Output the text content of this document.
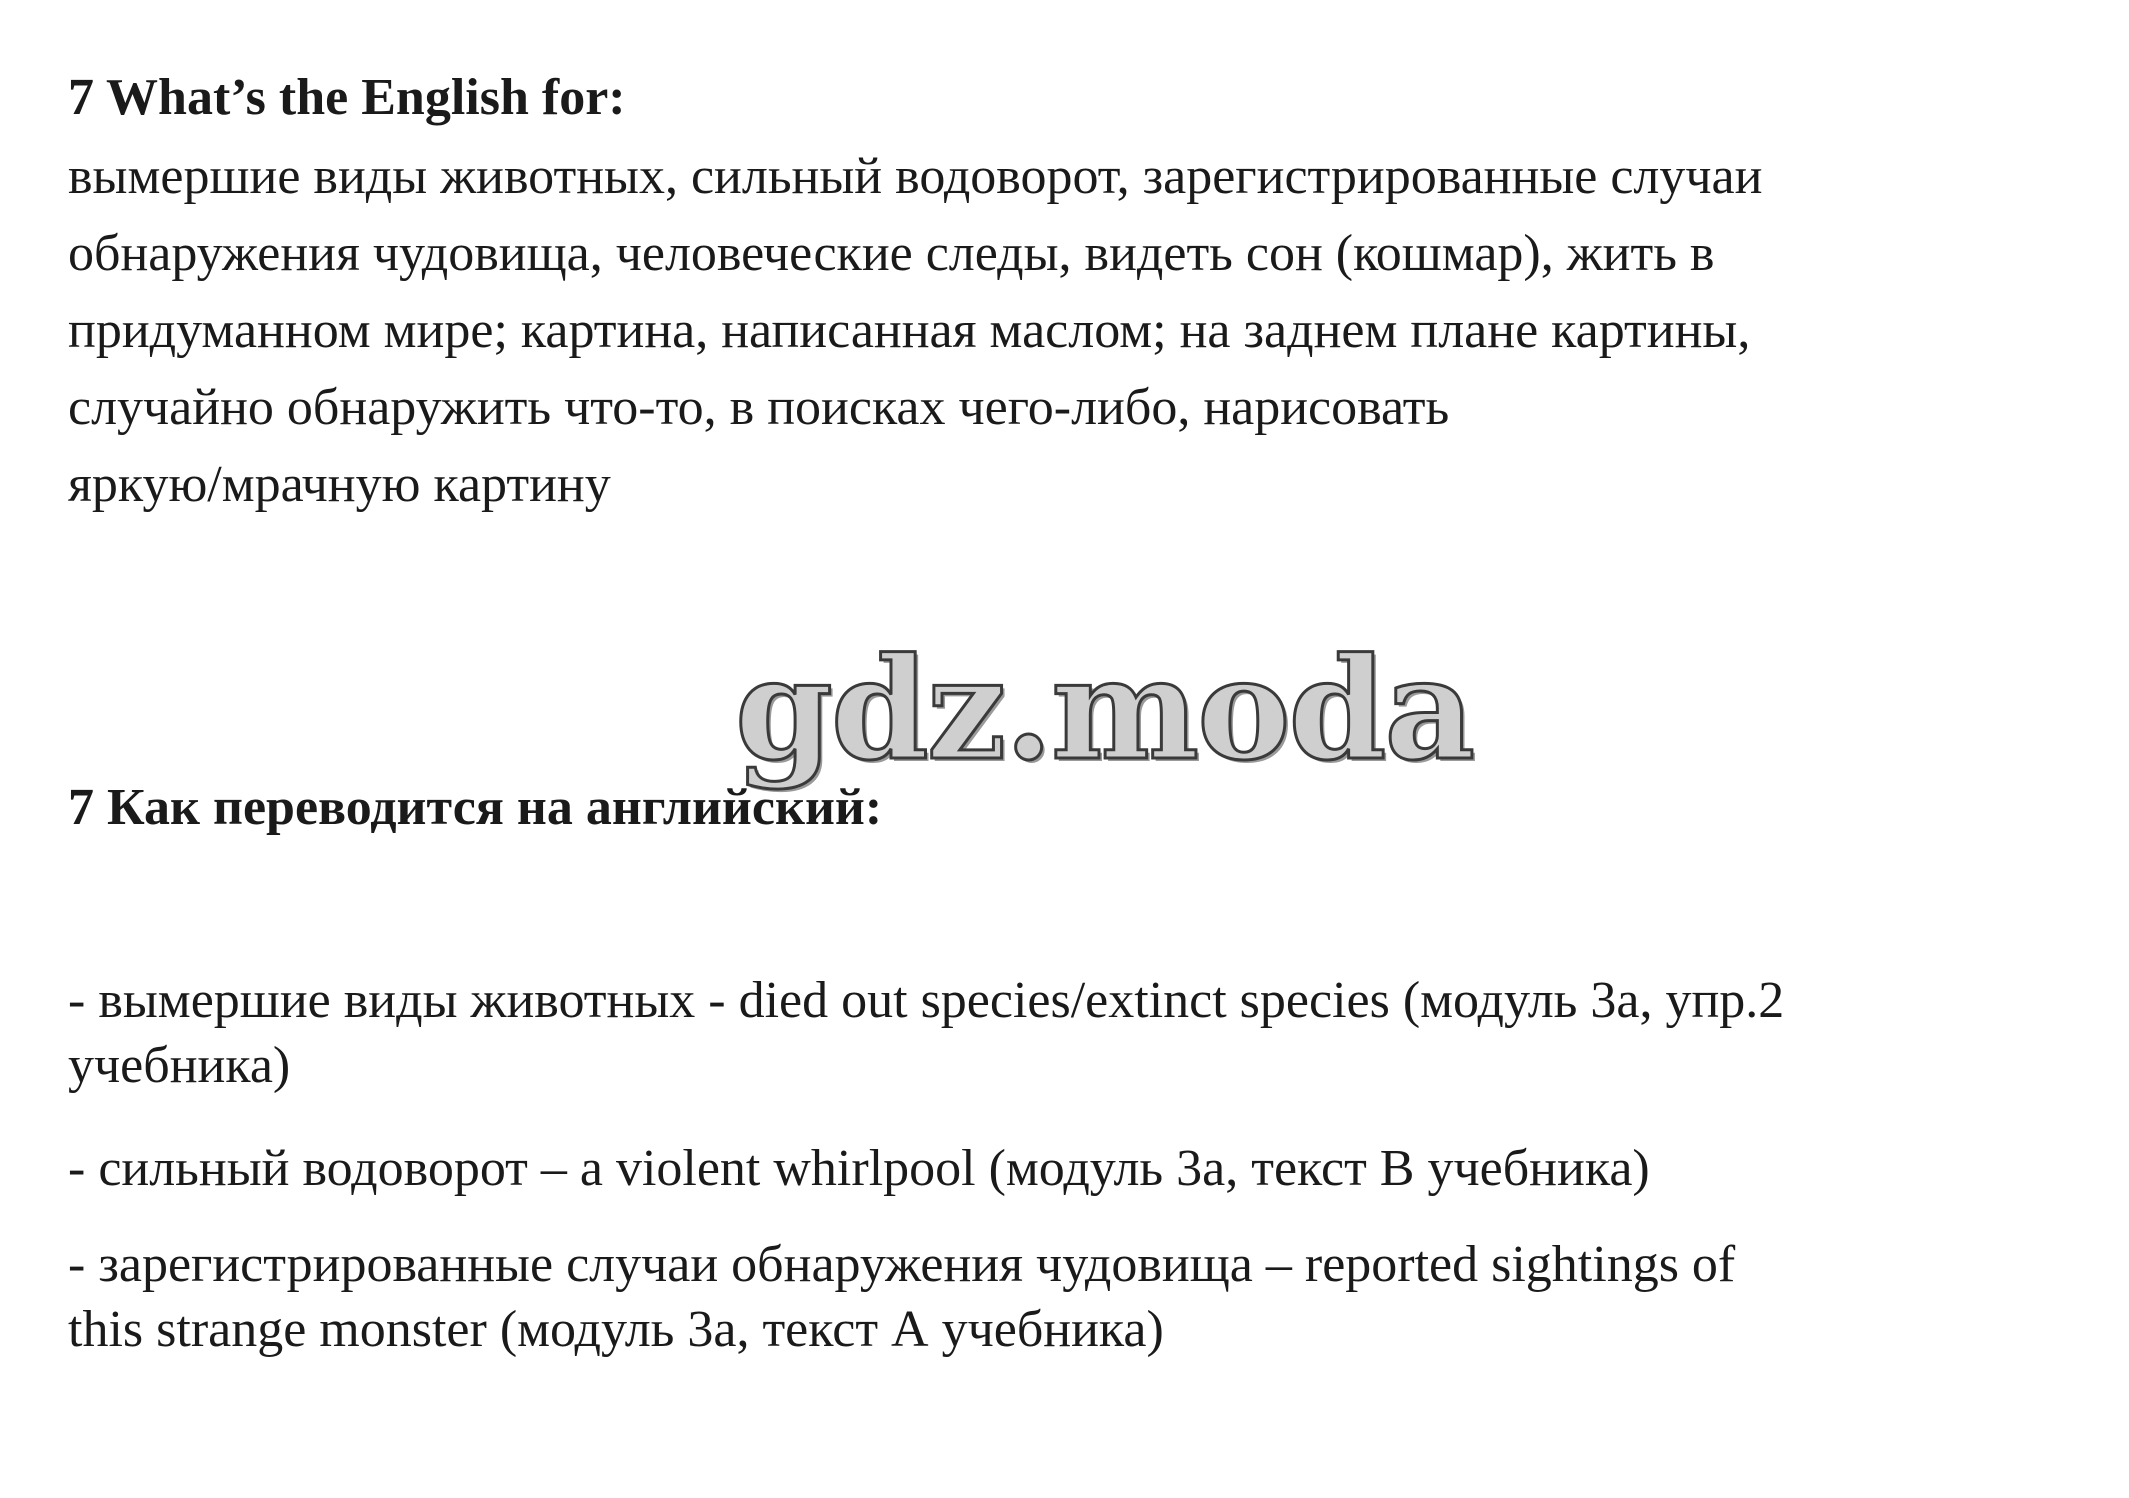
7 What’s the English for:

вымершие виды животных, сильный водоворот, зарегистрированные случаи
обнаружения чудовища, человеческие следы, видеть сон (кошмар), жить в
придуманном мире; картина, написанная маслом; на заднем плане картины,
случайно обнаружить что-то, в поисках чего-либо, нарисовать
яркую/мрачную картину

gdz.moda
7 Как переводится на английский:

- вымершие виды животных - died out species/extinct species (модуль 3а, упр.2
учебника)

- сильный водоворот – a violent whirlpool (модуль 3а, текст B учебника)

- зарегистрированные случаи обнаружения чудовища – reported sightings of
this strange monster (модуль 3а, текст А учебника)
